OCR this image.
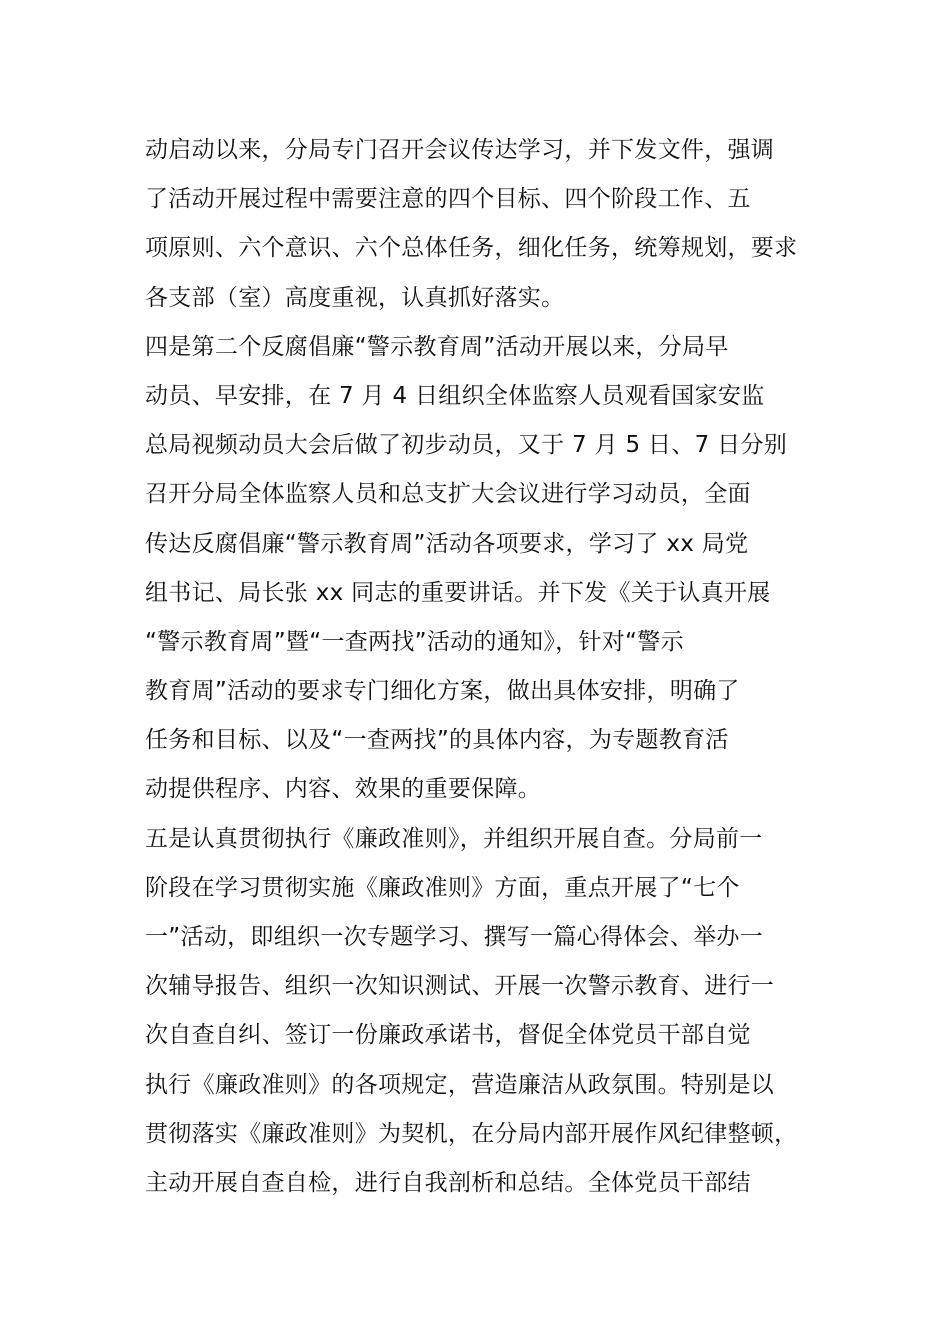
动启动以来，分局专门召开会议传达学习，并下发文件，强调
了活动开展过程中需要注意的四个目标、四个阶段工作、五
项原则、六个意识、六个总体任务，细化任务，统筹规划，要求
各支部（室）高度重视，认真抓好落实。
四是第二个反腐倡廉“警示教育周”活动开展以来，分局早
动员、早安排，在 7 月 4 日组织全体监察人员观看国家安监
总局视频动员大会后做了初步动员，又于 7 月 5 日、7 日分别
召开分局全体监察人员和总支扩大会议进行学习动员，全面
传达反腐倡廉“警示教育周”活动各项要求，学习了 xx 局党
组书记、局长张 xx 同志的重要讲话。并下发《关于认真开展
“警示教育周”暨“一查两找”活动的通知》，针对“警示
教育周”活动的要求专门细化方案，做出具体安排，明确了
任务和目标、以及“一查两找”的具体内容，为专题教育活
动提供程序、内容、效果的重要保障。
五是认真贯彻执行《廉政准则》，并组织开展自查。分局前一
阶段在学习贯彻实施《廉政准则》方面，重点开展了“七个
一”活动，即组织一次专题学习、撰写一篇心得体会、举办一
次辅导报告、组织一次知识测试、开展一次警示教育、进行一
次自查自纠、签订一份廉政承诺书，督促全体党员干部自觉
执行《廉政准则》的各项规定，营造廉洁从政氛围。特别是以
贯彻落实《廉政准则》为契机，在分局内部开展作风纪律整顿，
主动开展自查自检，进行自我剖析和总结。全体党员干部结
